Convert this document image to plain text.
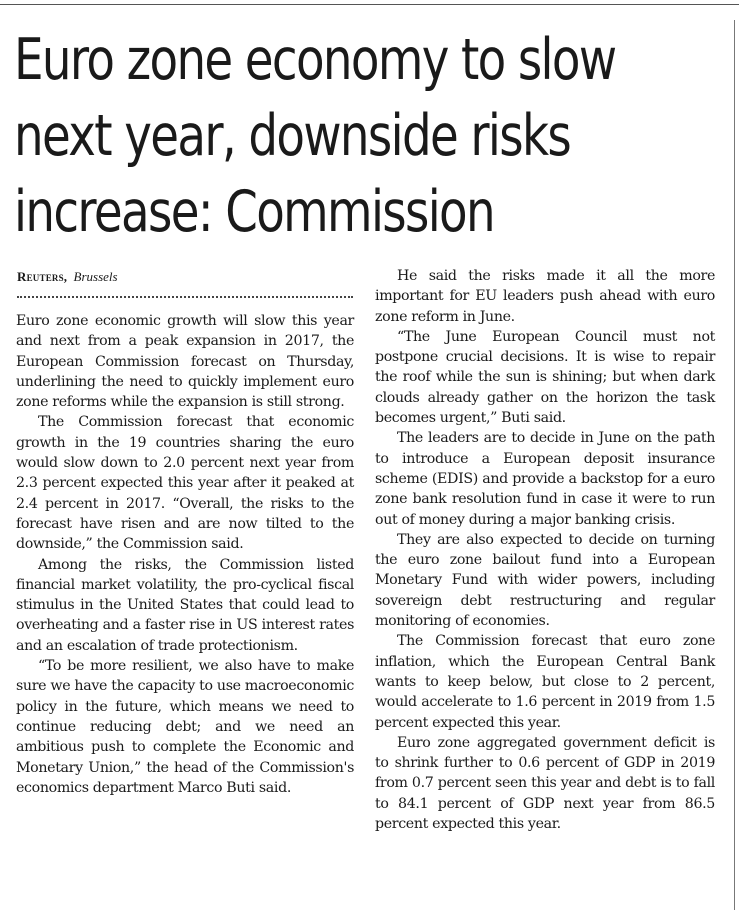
Euro zone economy to slow
next year, downside risks
increase: Commission
Reuters, Brussels

Euro zone economic growth will slow this year and next from a peak expansion in 2017, the European Commission forecast on Thursday, underlining the need to quickly implement euro zone reforms while the expansion is still strong.

The Commission forecast that economic growth in the 19 countries sharing the euro would slow down to 2.0 percent next year from 2.3 percent expected this year after it peaked at 2.4 percent in 2017. “Overall, the risks to the forecast have risen and are now tilted to the downside,” the Commission said.

Among the risks, the Commission listed financial market volatility, the pro-cyclical fiscal stimulus in the United States that could lead to overheating and a faster rise in US interest rates and an escalation of trade protectionism.

“To be more resilient, we also have to make sure we have the capacity to use macroeconomic policy in the future, which means we need to continue reducing debt; and we need an ambitious push to complete the Economic and Monetary Union,” the head of the Commission's economics department Marco Buti said.

He said the risks made it all the more important for EU leaders push ahead with euro zone reform in June.

“The June European Council must not postpone crucial decisions. It is wise to repair the roof while the sun is shining; but when dark clouds already gather on the horizon the task becomes urgent,” Buti said.

The leaders are to decide in June on the path to introduce a European deposit insurance scheme (EDIS) and provide a backstop for a euro zone bank resolution fund in case it were to run out of money during a major banking crisis.

They are also expected to decide on turning the euro zone bailout fund into a European Monetary Fund with wider powers, including sovereign debt restructuring and regular monitoring of economies.

The Commission forecast that euro zone inflation, which the European Central Bank wants to keep below, but close to 2 percent, would accelerate to 1.6 percent in 2019 from 1.5 percent expected this year.

Euro zone aggregated government deficit is to shrink further to 0.6 percent of GDP in 2019 from 0.7 percent seen this year and debt is to fall to 84.1 percent of GDP next year from 86.5 percent expected this year.
